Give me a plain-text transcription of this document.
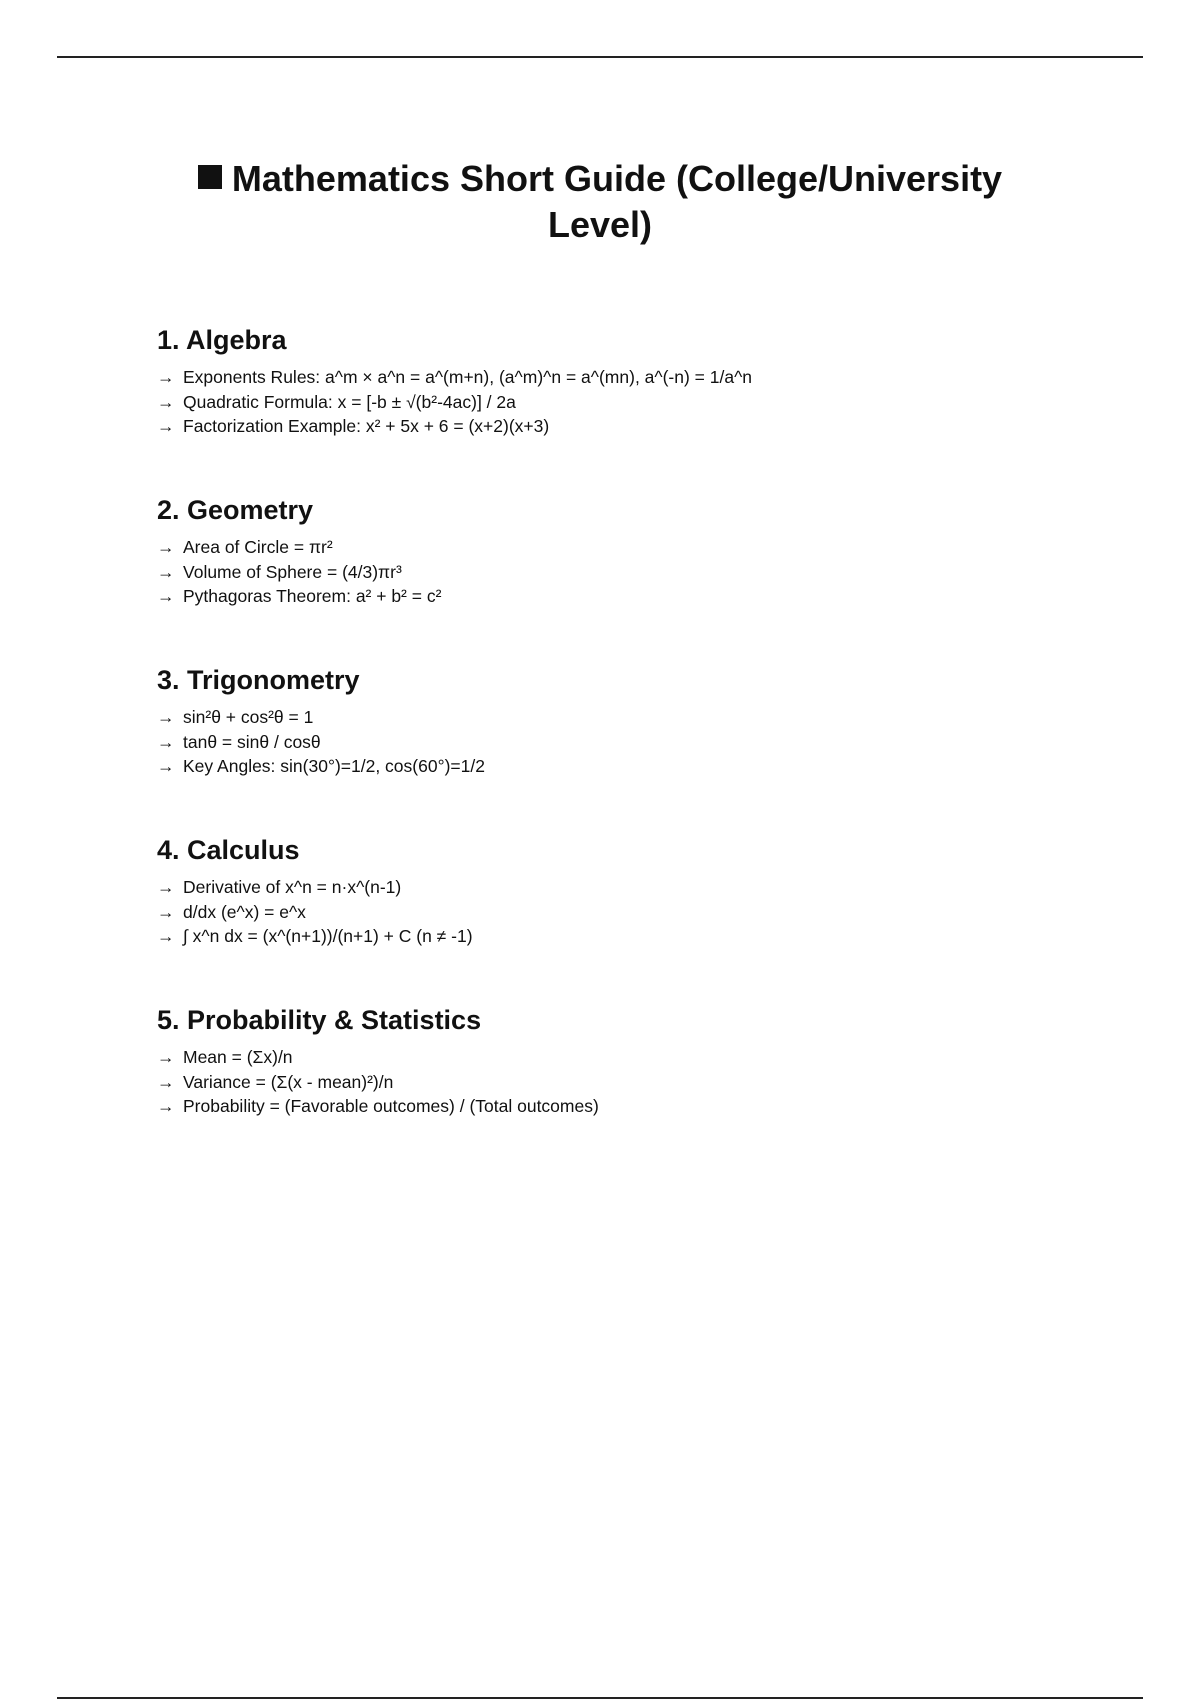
Mathematics Short Guide (College/University Level)
1. Algebra
→ Exponents Rules: a^m × a^n = a^(m+n), (a^m)^n = a^(mn), a^(-n) = 1/a^n
→ Quadratic Formula: x = [-b ± √(b²-4ac)] / 2a
→ Factorization Example: x² + 5x + 6 = (x+2)(x+3)
2. Geometry
→ Area of Circle = πr²
→ Volume of Sphere = (4/3)πr³
→ Pythagoras Theorem: a² + b² = c²
3. Trigonometry
→ sin²θ + cos²θ = 1
→ tanθ = sinθ / cosθ
→ Key Angles: sin(30°)=1/2, cos(60°)=1/2
4. Calculus
→ Derivative of x^n = n·x^(n-1)
→ d/dx (e^x) = e^x
→ ∫ x^n dx = (x^(n+1))/(n+1) + C (n ≠ -1)
5. Probability & Statistics
→ Mean = (Σx)/n
→ Variance = (Σ(x - mean)²)/n
→ Probability = (Favorable outcomes) / (Total outcomes)
